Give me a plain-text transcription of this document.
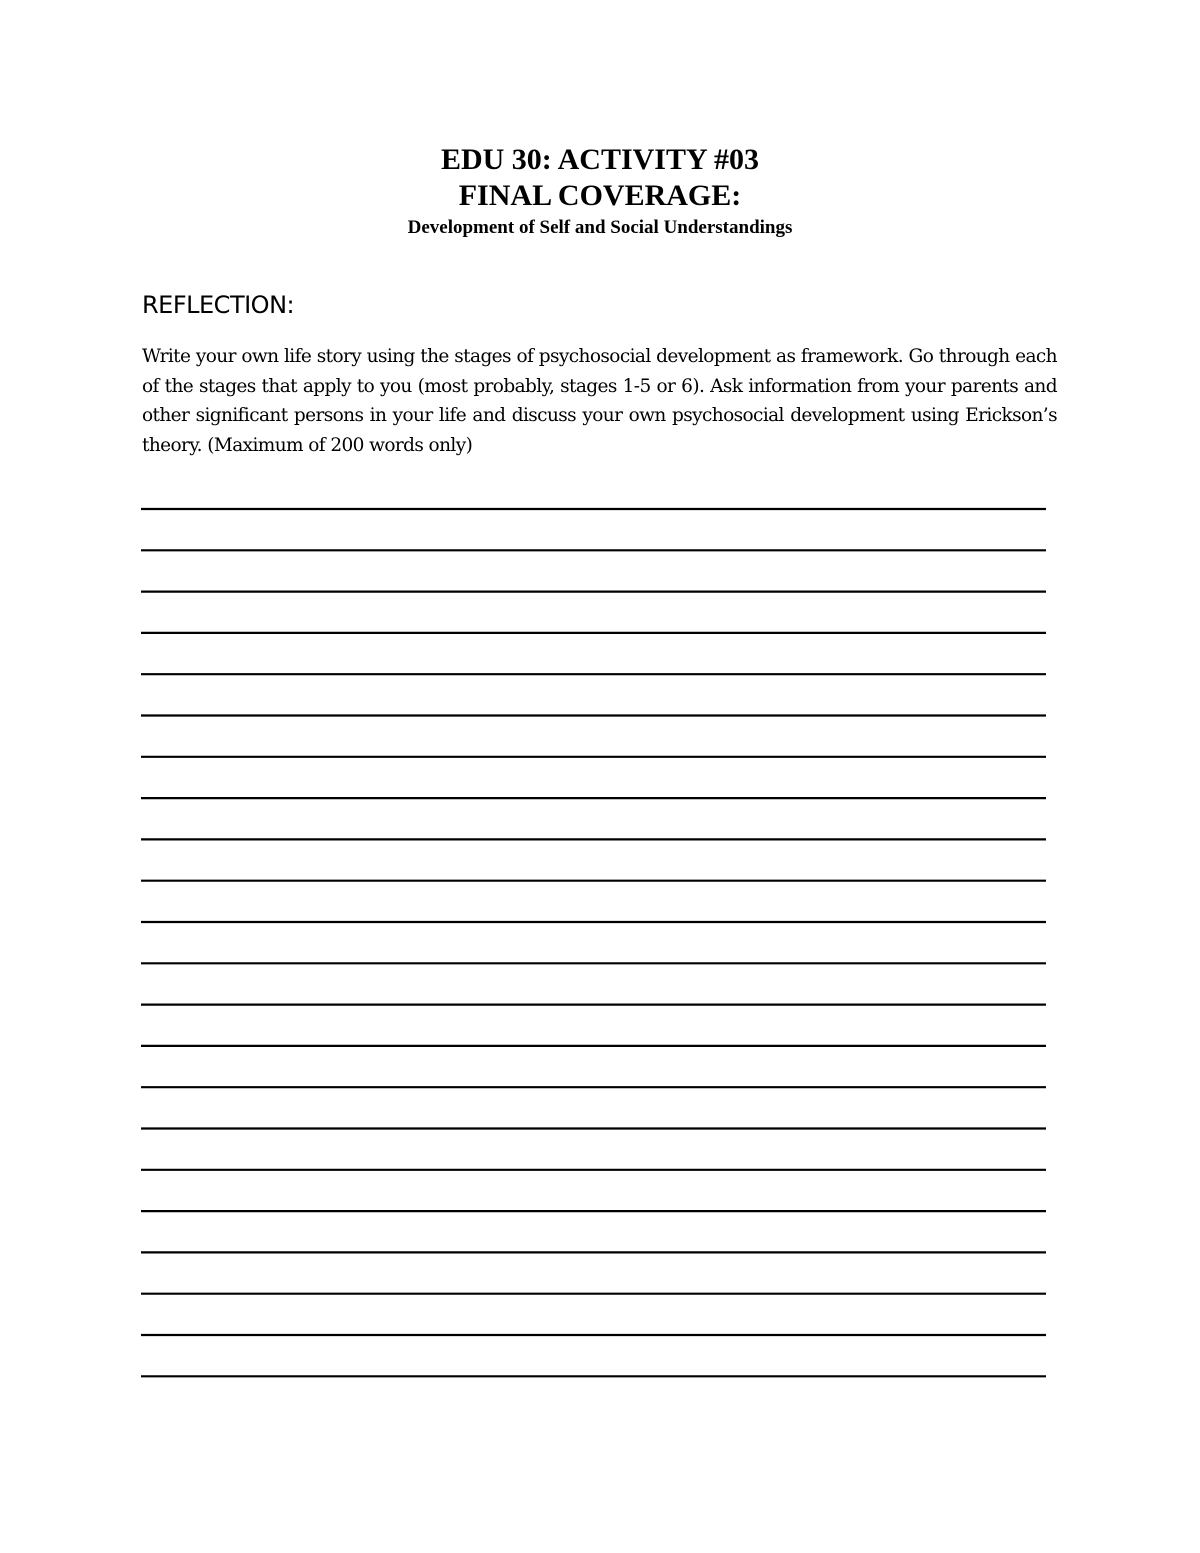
EDU 30: ACTIVITY #03
FINAL COVERAGE:
Development of Self and Social Understandings
REFLECTION:

Write your own life story using the stages of psychosocial development as framework. Go through each of the stages that apply to you (most probably, stages 1-5 or 6). Ask information from your parents and other significant persons in your life and discuss your own psychosocial development using Erickson’s theory. (Maximum of 200 words only)
